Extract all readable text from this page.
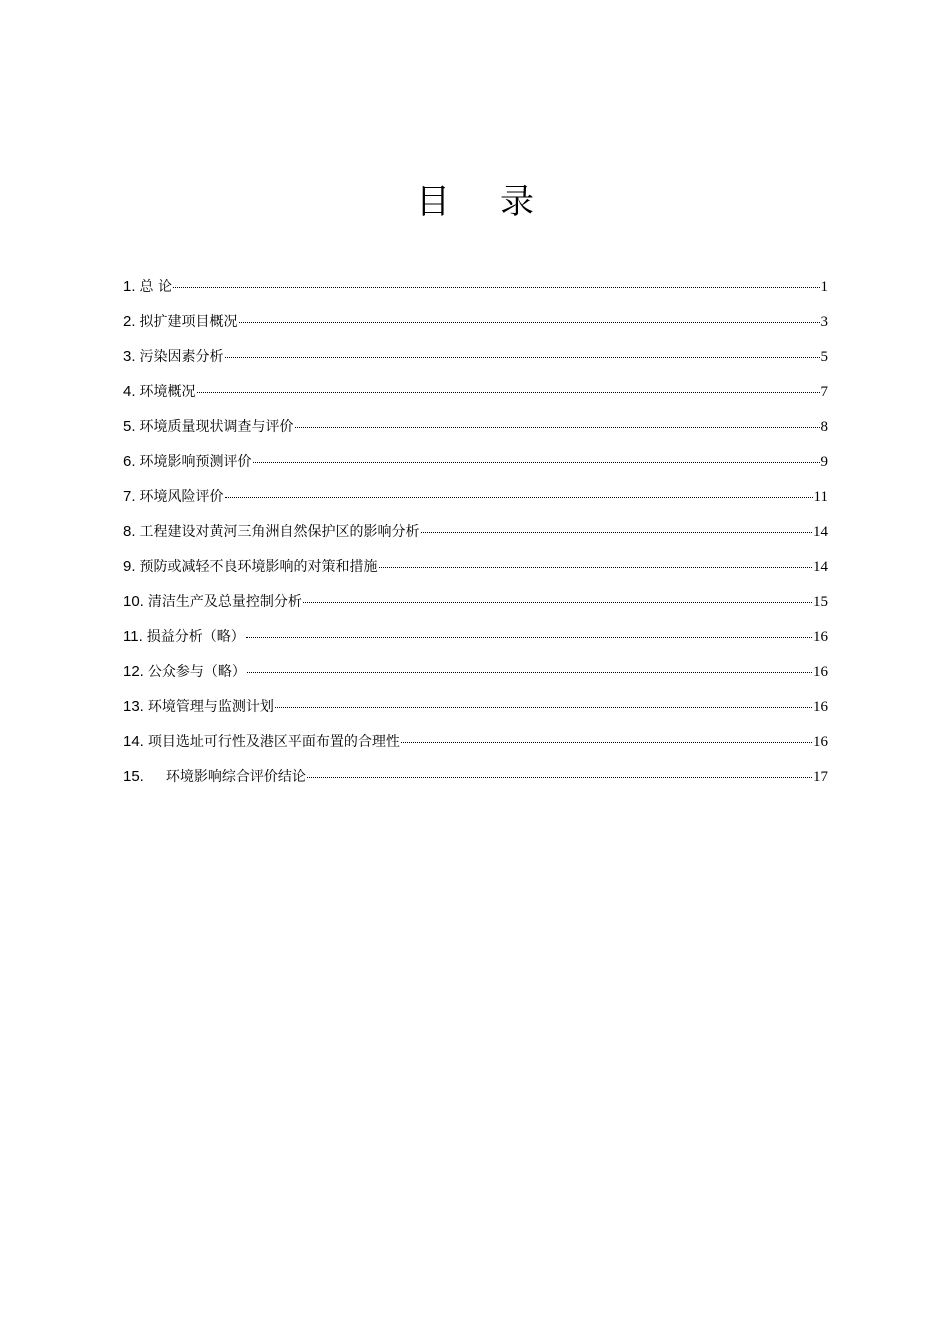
目录
1. 总 论	1
2. 拟扩建项目概况	3
3. 污染因素分析	5
4. 环境概况	7
5. 环境质量现状调查与评价	8
6. 环境影响预测评价	9
7. 环境风险评价	11
8. 工程建设对黄河三角洲自然保护区的影响分析	14
9. 预防或减轻不良环境影响的对策和措施	14
10. 清洁生产及总量控制分析	15
11. 损益分析（略）	16
12. 公众参与（略）	16
13. 环境管理与监测计划	16
14. 项目选址可行性及港区平面布置的合理性	16
15. 环境影响综合评价结论	17
